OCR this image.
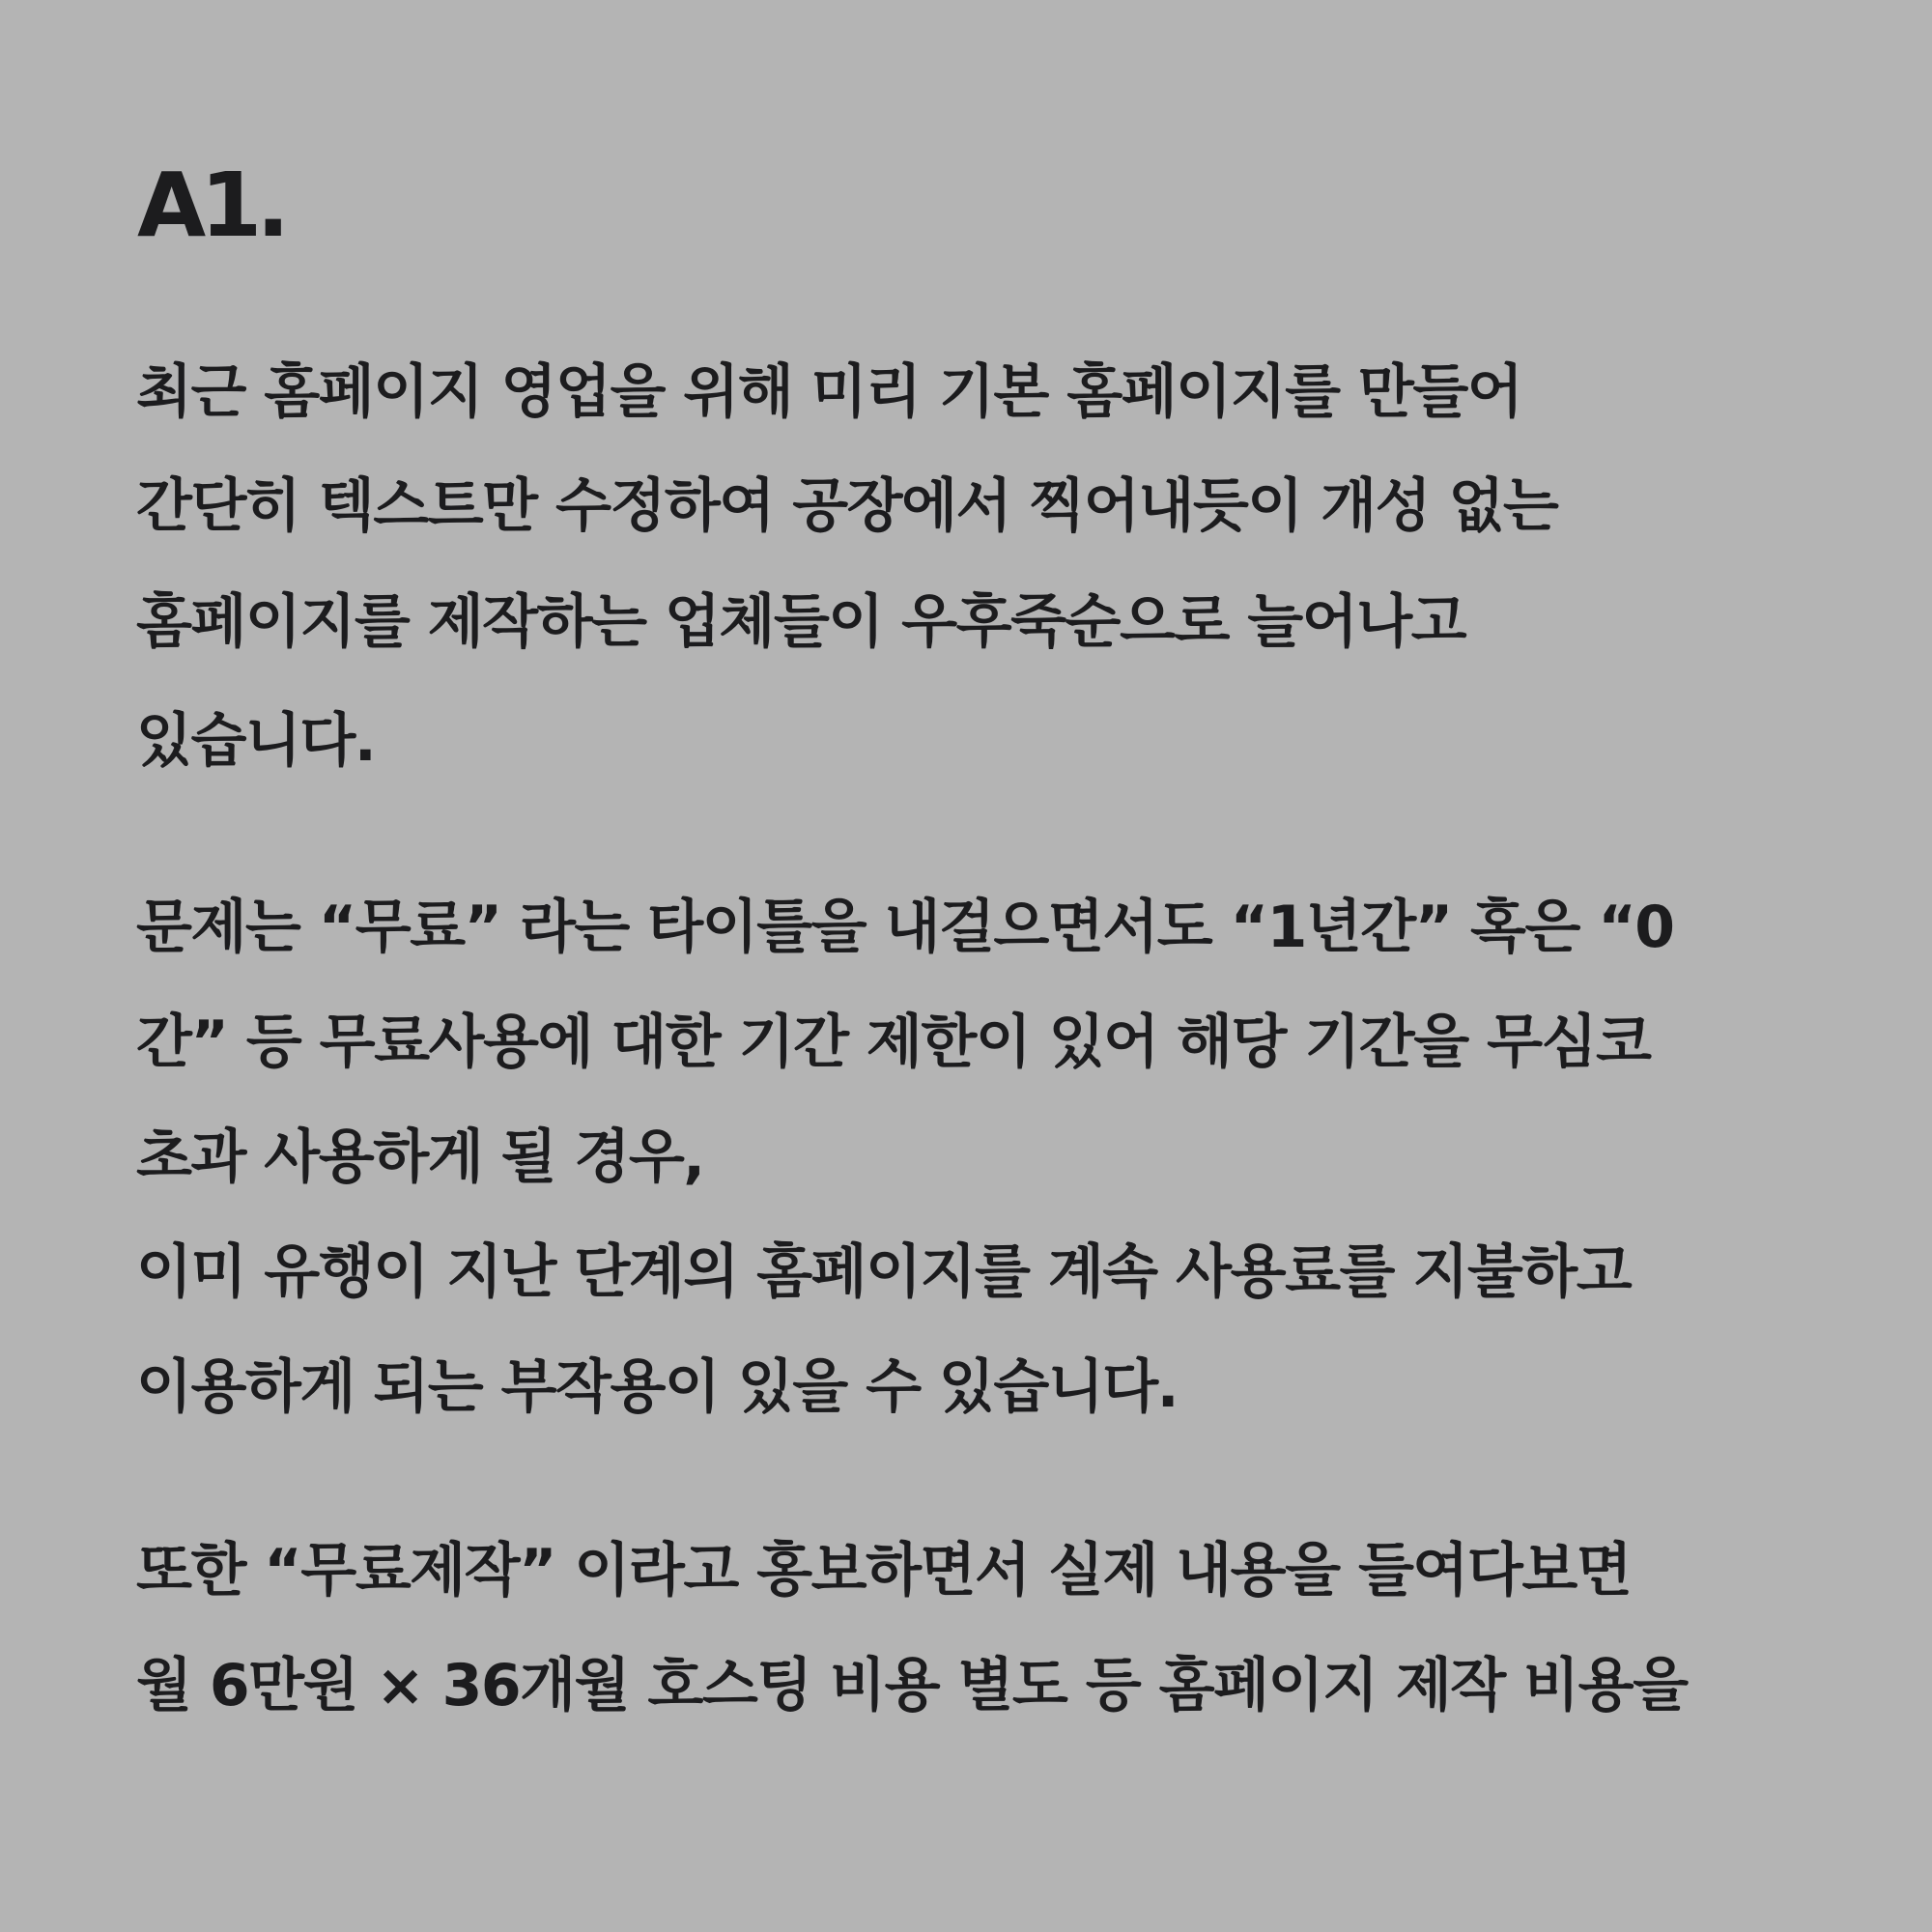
A1.

최근 홈페이지 영업을 위해 미리 기본 홈페이지를 만들어

간단히 텍스트만 수정하여 공장에서 찍어내듯이 개성 없는

홈페이지를 제작하는 업체들이 우후죽순으로 늘어나고

있습니다.

문제는 “무료” 라는 타이틀을 내걸으면서도 “1년간” 혹은 “0

간” 등 무료사용에 대한 기간 제한이 있어 해당 기간을 무심코

초과 사용하게 될 경우,

이미 유행이 지난 단계의 홈페이지를 계속 사용료를 지불하고

이용하게 되는 부작용이 있을 수 있습니다.

또한 “무료제작” 이라고 홍보하면서 실제 내용을 들여다보면

월 6만원 × 36개월 호스팅 비용 별도 등 홈페이지 제작 비용을
